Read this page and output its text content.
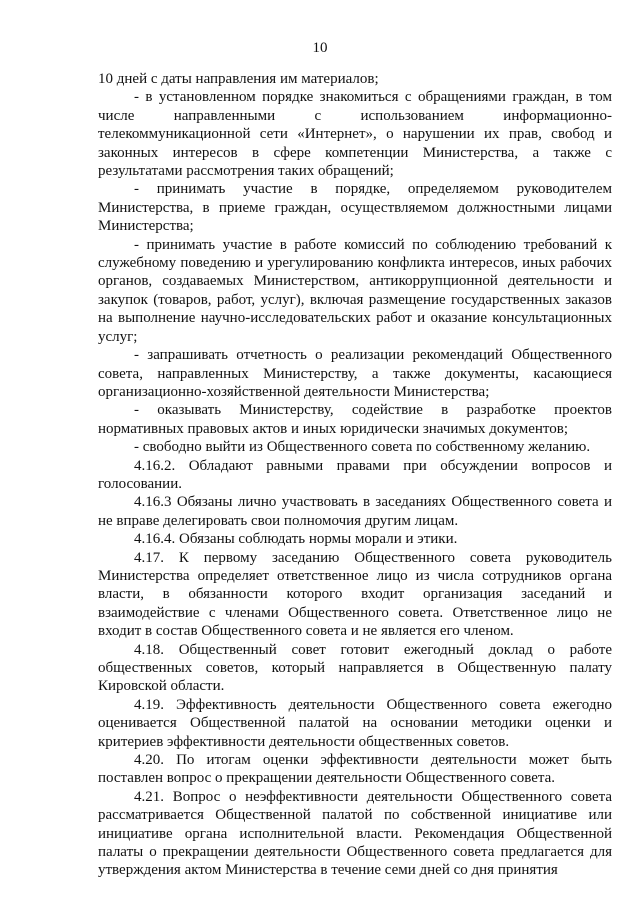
10

10 дней с даты направления им материалов;

- в установленном порядке знакомиться с обращениями граждан, в том числе направленными с использованием информационно-телекоммуникационной сети «Интернет», о нарушении их прав, свобод и законных интересов в сфере компетенции Министерства, а также с результатами рассмотрения таких обращений;

- принимать участие в порядке, определяемом руководителем Министерства, в приеме граждан, осуществляемом должностными лицами Министерства;

- принимать участие в работе комиссий по соблюдению требований к служебному поведению и урегулированию конфликта интересов, иных рабочих органов, создаваемых Министерством, антикоррупционной деятельности и закупок (товаров, работ, услуг), включая размещение государственных заказов на выполнение научно-исследовательских работ и оказание консультационных услуг;

- запрашивать отчетность о реализации рекомендаций Общественного совета, направленных Министерству, а также документы, касающиеся организационно-хозяйственной деятельности Министерства;

- оказывать Министерству, содействие в разработке проектов нормативных правовых актов и иных юридически значимых документов;

- свободно выйти из Общественного совета по собственному желанию.

4.16.2. Обладают равными правами при обсуждении вопросов и голосовании.

4.16.3 Обязаны лично участвовать в заседаниях Общественного совета и не вправе делегировать свои полномочия другим лицам.

4.16.4. Обязаны соблюдать нормы морали и этики.

4.17. К первому заседанию Общественного совета руководитель Министерства определяет ответственное лицо из числа сотрудников органа власти, в обязанности которого входит организация заседаний и взаимодействие с членами Общественного совета. Ответственное лицо не входит в состав Общественного совета и не является его членом.

4.18. Общественный совет готовит ежегодный доклад о работе общественных советов, который направляется в Общественную палату Кировской области.

4.19. Эффективность деятельности Общественного совета ежегодно оценивается Общественной палатой на основании методики оценки и критериев эффективности деятельности общественных советов.

4.20. По итогам оценки эффективности деятельности может быть поставлен вопрос о прекращении деятельности Общественного совета.

4.21. Вопрос о неэффективности деятельности Общественного совета рассматривается Общественной палатой по собственной инициативе или инициативе органа исполнительной власти. Рекомендация Общественной палаты о прекращении деятельности Общественного совета предлагается для утверждения актом Министерства в течение семи дней со дня принятия
